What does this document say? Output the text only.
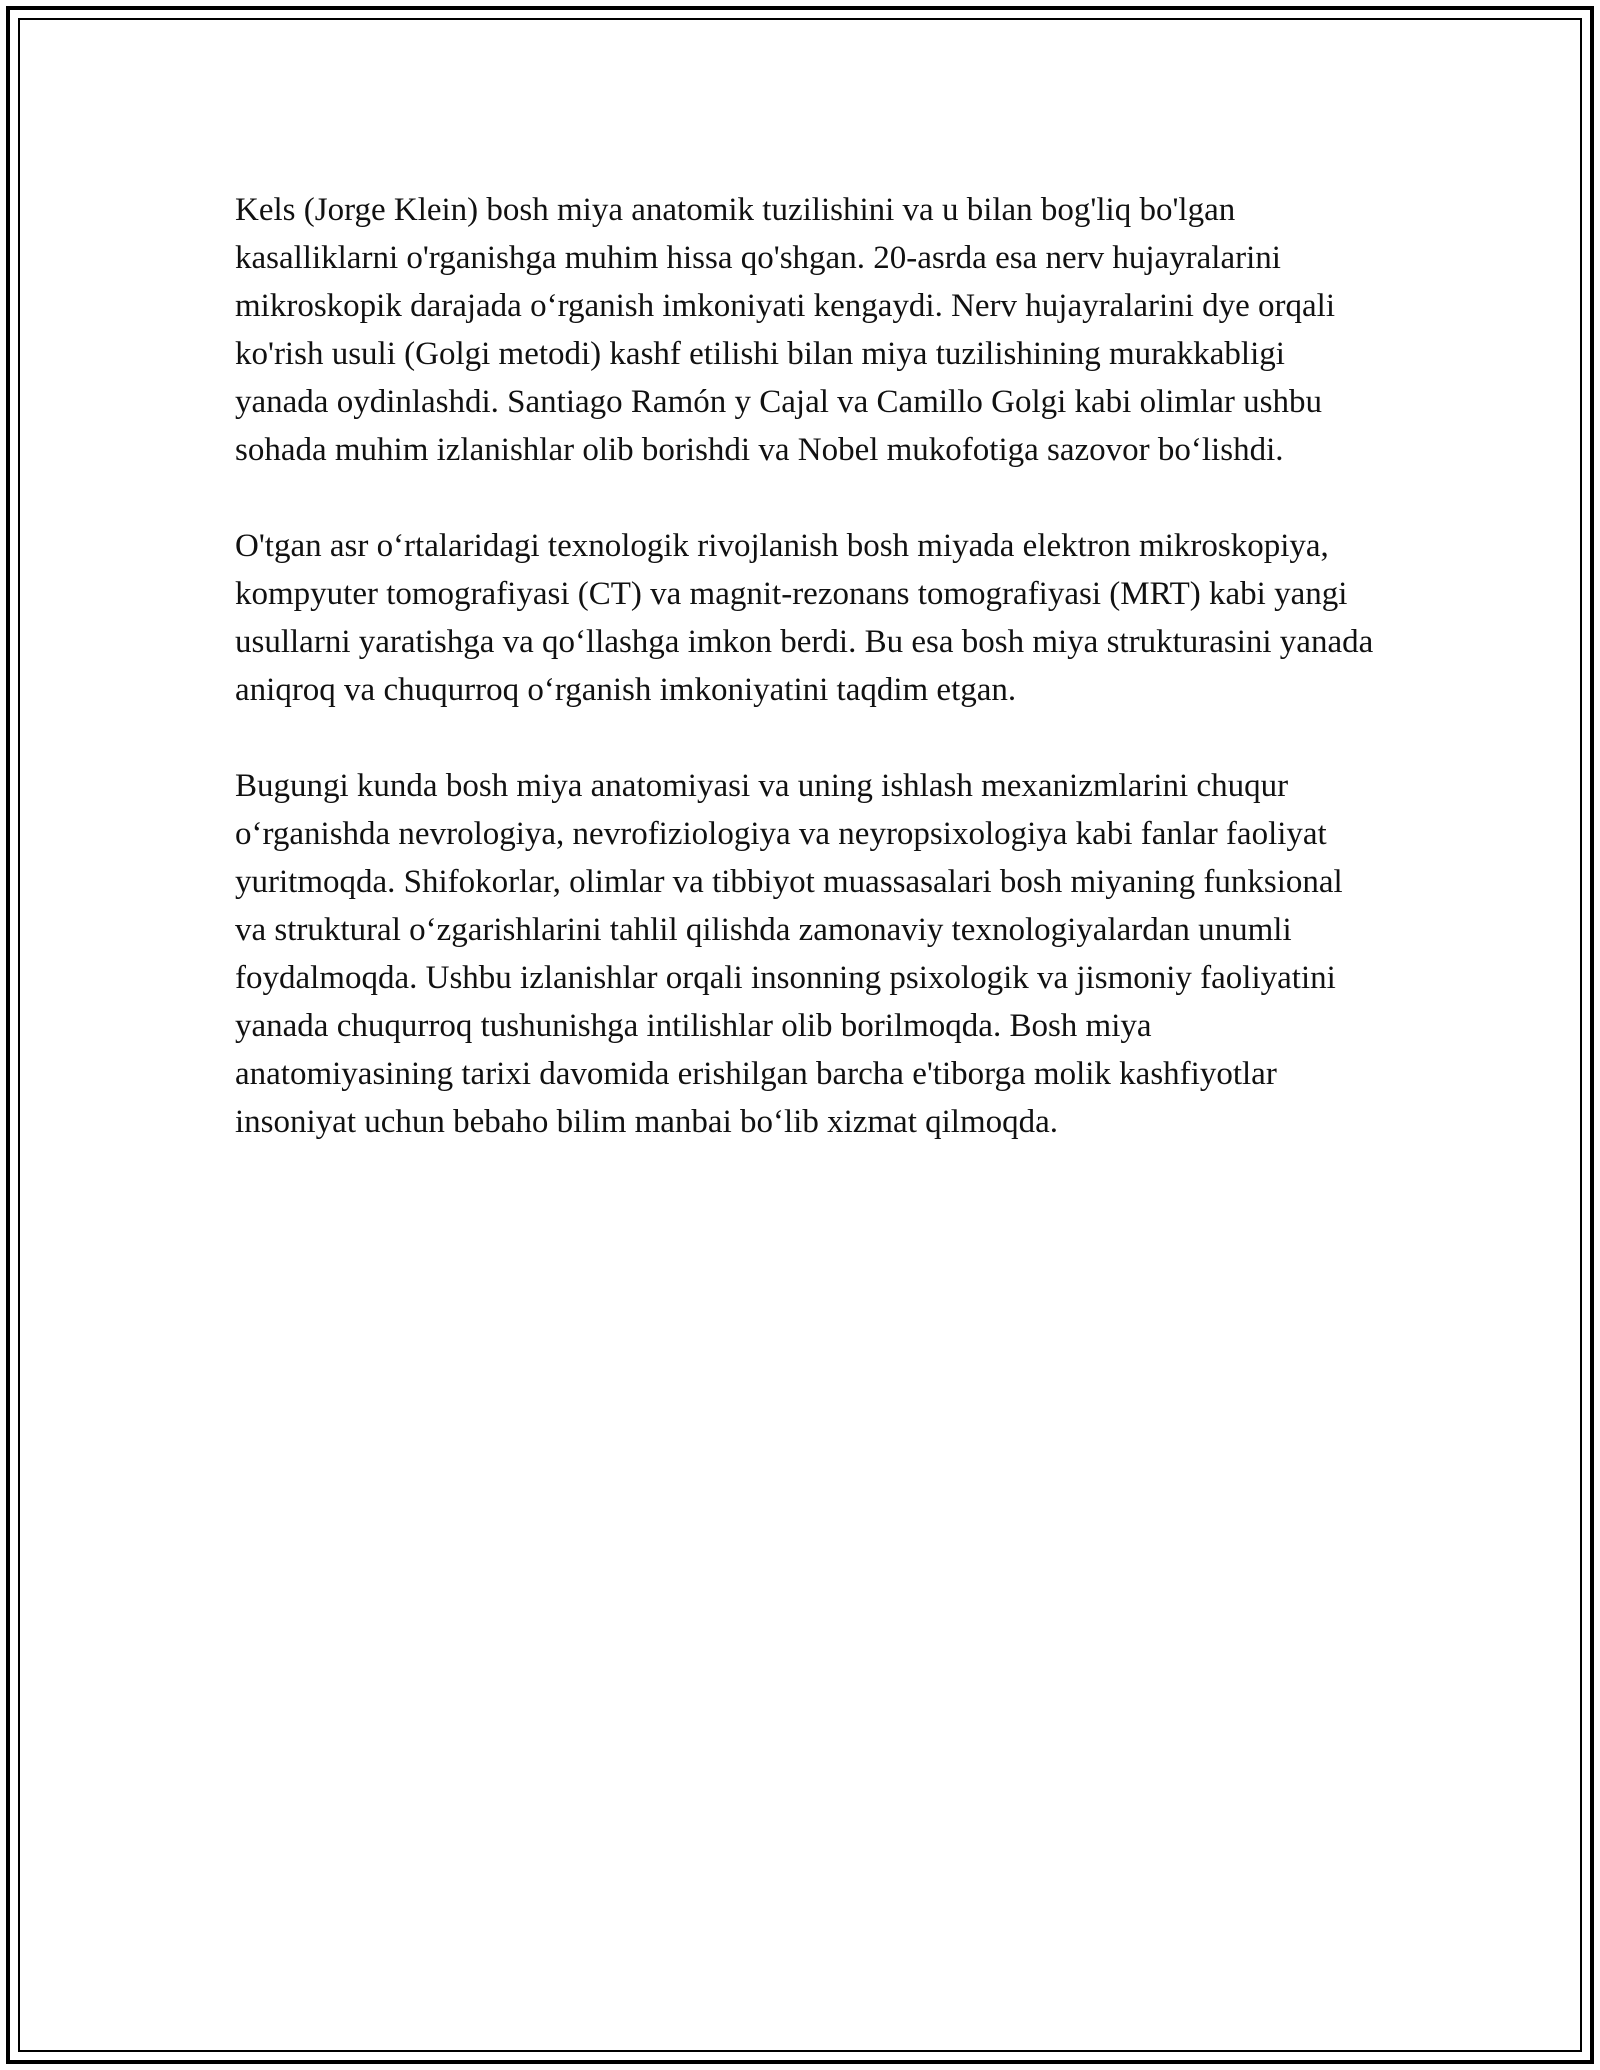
Kels (Jorge Klein) bosh miya anatomik tuzilishini va u bilan bog'liq bo'lgan kasalliklarni o'rganishga muhim hissa qo'shgan. 20-asrda esa nerv hujayralarini mikroskopik darajada oʻrganish imkoniyati kengaydi. Nerv hujayralarini dye orqali ko'rish usuli (Golgi metodi) kashf etilishi bilan miya tuzilishining murakkabligi yanada oydinlashdi. Santiago Ramón y Cajal va Camillo Golgi kabi olimlar ushbu sohada muhim izlanishlar olib borishdi va Nobel mukofotiga sazovor boʻlishdi.

O'tgan asr oʻrtalaridagi texnologik rivojlanish bosh miyada elektron mikroskopiya, kompyuter tomografiyasi (CT) va magnit-rezonans tomografiyasi (MRT) kabi yangi usullarni yaratishga va qoʻllashga imkon berdi. Bu esa bosh miya strukturasini yanada aniqroq va chuqurroq oʻrganish imkoniyatini taqdim etgan.

Bugungi kunda bosh miya anatomiyasi va uning ishlash mexanizmlarini chuqur oʻrganishda nevrologiya, nevrofiziologiya va neyropsixologiya kabi fanlar faoliyat yuritmoqda. Shifokorlar, olimlar va tibbiyot muassasalari bosh miyaning funksional va struktural oʻzgarishlarini tahlil qilishda zamonaviy texnologiyalardan unumli foydalmoqda. Ushbu izlanishlar orqali insonning psixologik va jismoniy faoliyatini yanada chuqurroq tushunishga intilishlar olib borilmoqda. Bosh miya anatomiyasining tarixi davomida erishilgan barcha e'tiborga molik kashfiyotlar insoniyat uchun bebaho bilim manbai boʻlib xizmat qilmoqda.
